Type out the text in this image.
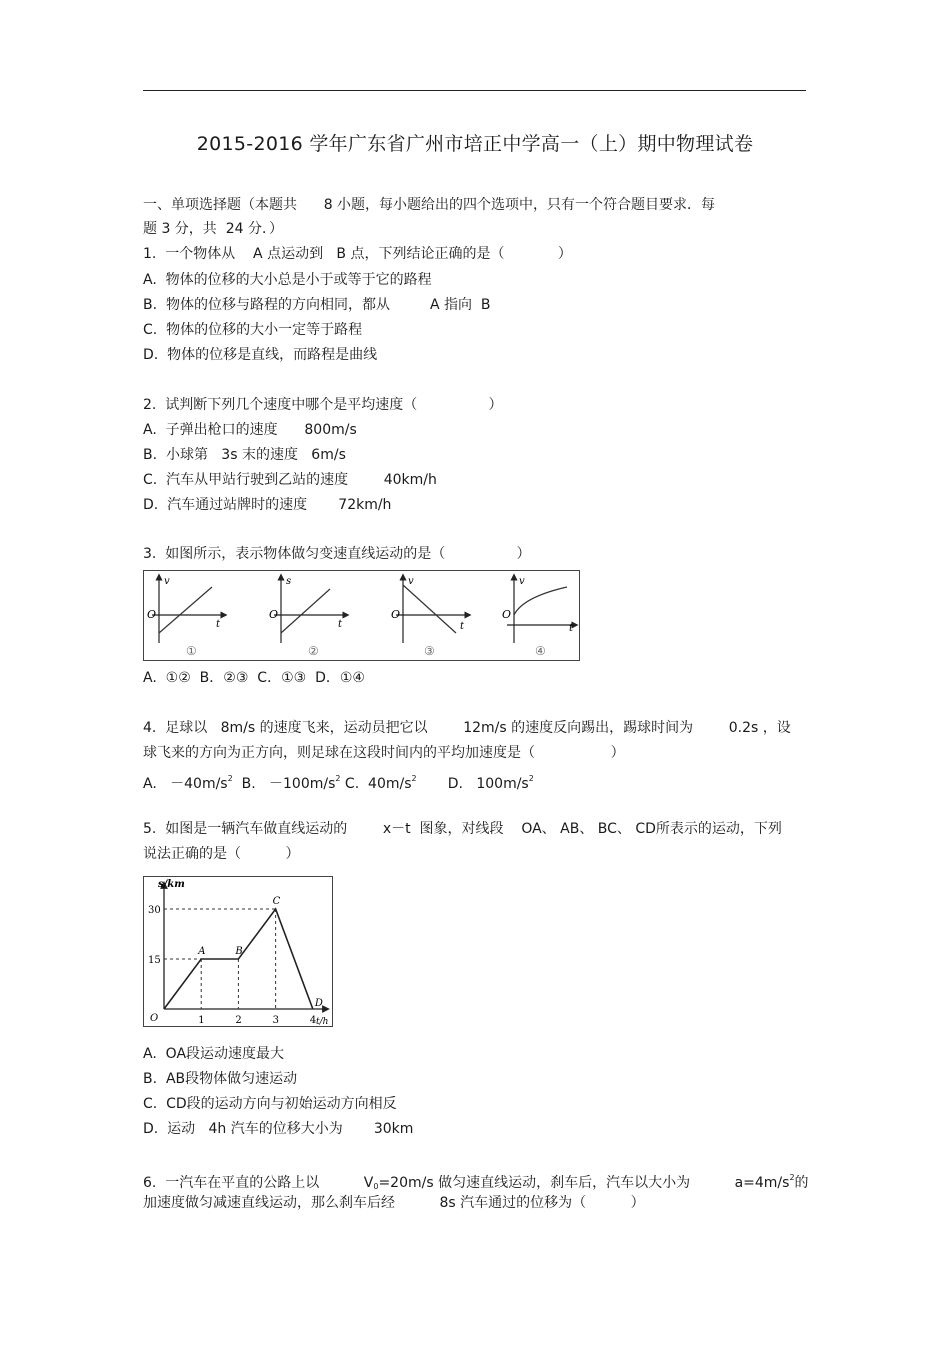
2015-2016 学年广东省广州市培正中学高一（上）期中物理试卷
一、单项选择题（本题共      8 小题，每小题给出的四个选项中，只有一个符合题目要求．每
题 3 分，共  24 分．）
1.  一个物体从    A 点运动到   B 点，下列结论正确的是（            ）
A.  物体的位移的大小总是小于或等于它的路程
B.  物体的位移与路程的方向相同，都从         A 指向  B
C.  物体的位移的大小一定等于路程
D.  物体的位移是直线，而路程是曲线
2.  试判断下列几个速度中哪个是平均速度（                ）
A.  子弹出枪口的速度      800m/s
B.  小球第   3s 末的速度   6m/s
C.  汽车从甲站行驶到乙站的速度        40km/h
D.  汽车通过站牌时的速度       72km/h
3.  如图所示，表示物体做匀变速直线运动的是（                ）
v
t
O
①
s
t
O
②
v
t
O
③
v
t
O
④
A.  ①②  B．②③  C．①③  D．①④
4.  足球以   8m/s 的速度飞来，运动员把它以        12m/s 的速度反向踢出，踢球时间为        0.2s ，设
球飞来的方向为正方向，则足球在这段时间内的平均加速度是（                 ）
A.   $-40m/s^2$  B.   $-100m/s^2$ C.  $40m/s^2$       D.   $100m/s^2$
5.  如图是一辆汽车做直线运动的        x－t  图象，对线段    OA、 AB、 BC、 CD所表示的运动，下列
说法正确的是（          ）
s/km
t/h
O
15
30
1	2	3	4
A	B
C
D
A.  OA段运动速度最大
B.  AB段物体做匀速运动
C.  CD段的运动方向与初始运动方向相反
D.  运动   4h 汽车的位移大小为       30km
6.  一汽车在平直的公路上以          $V_0=20m/s$ 做匀速直线运动，刹车后，汽车以大小为          $a=4m/s^2$的
加速度做匀减速直线运动，那么刹车后经          8s 汽车通过的位移为（          ）
